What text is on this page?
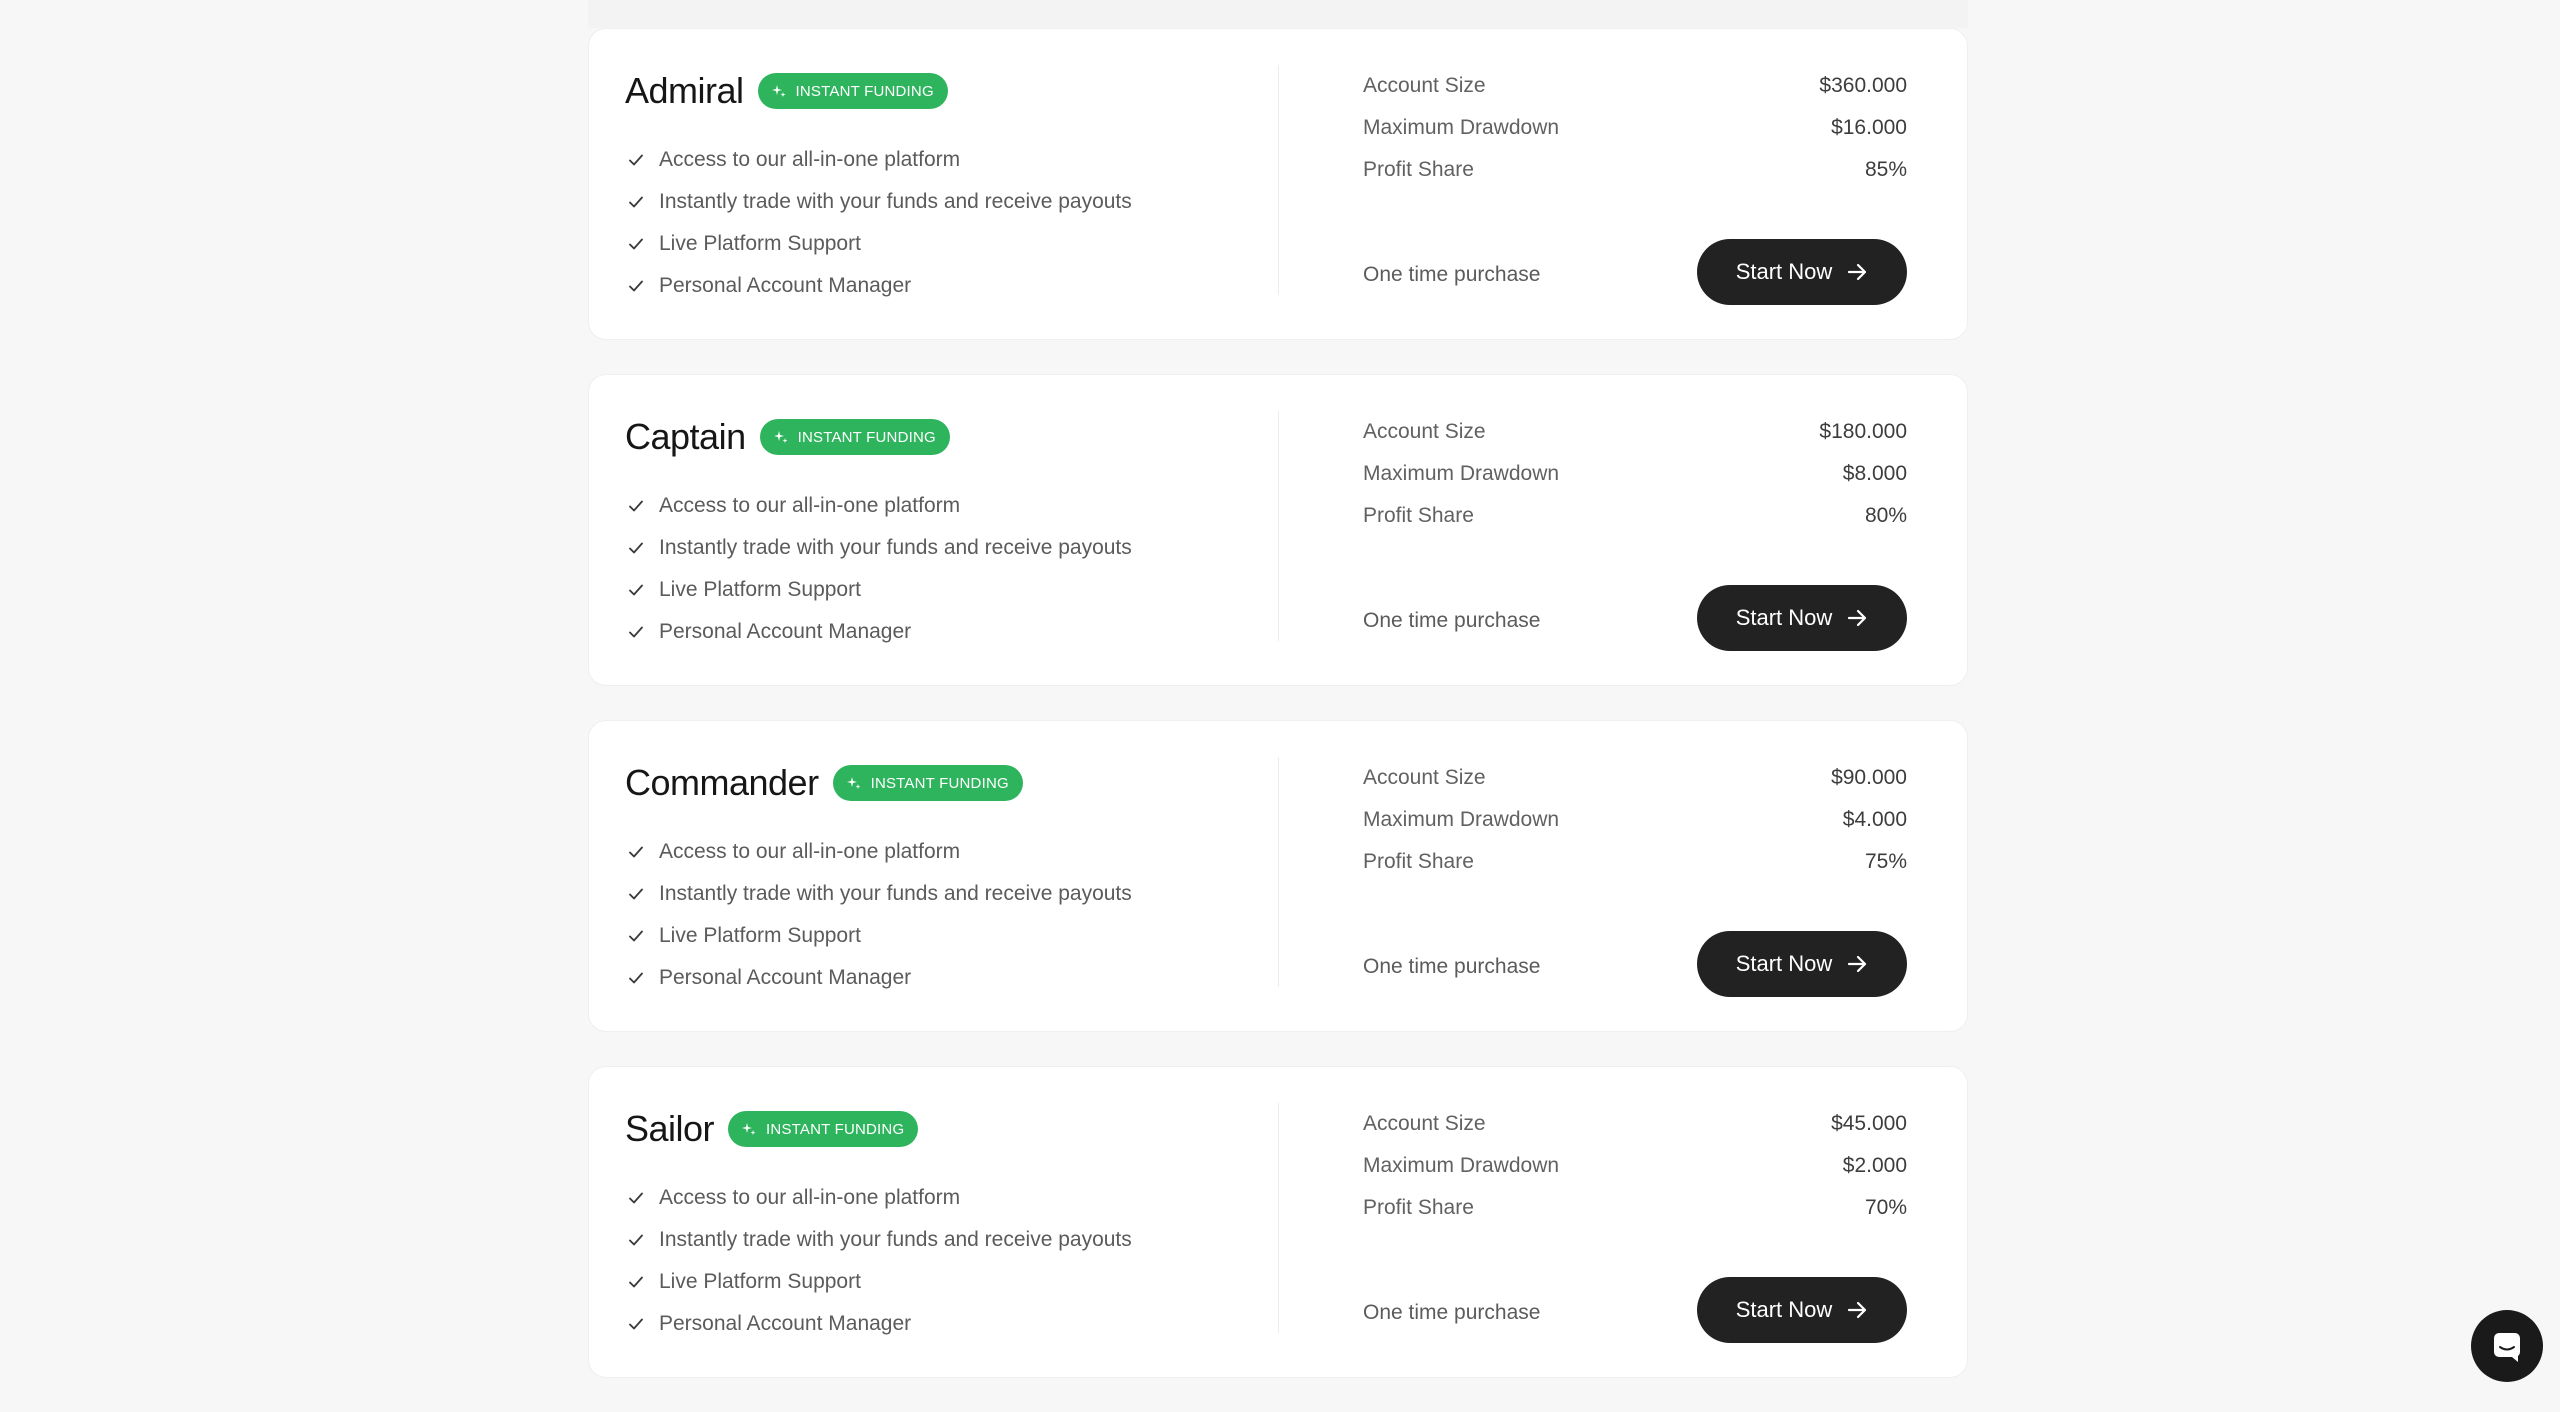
Admiral	INSTANT FUNDING
Access to our all-in-one platform
Instantly trade with your funds and receive payouts
Live Platform Support
Personal Account Manager
Account Size	$360.000
Maximum Drawdown	$16.000
Profit Share	85%
One time purchase	Start Now
Captain	INSTANT FUNDING
Access to our all-in-one platform
Instantly trade with your funds and receive payouts
Live Platform Support
Personal Account Manager
Account Size	$180.000
Maximum Drawdown	$8.000
Profit Share	80%
One time purchase	Start Now
Commander	INSTANT FUNDING
Access to our all-in-one platform
Instantly trade with your funds and receive payouts
Live Platform Support
Personal Account Manager
Account Size	$90.000
Maximum Drawdown	$4.000
Profit Share	75%
One time purchase	Start Now
Sailor	INSTANT FUNDING
Access to our all-in-one platform
Instantly trade with your funds and receive payouts
Live Platform Support
Personal Account Manager
Account Size	$45.000
Maximum Drawdown	$2.000
Profit Share	70%
One time purchase	Start Now
